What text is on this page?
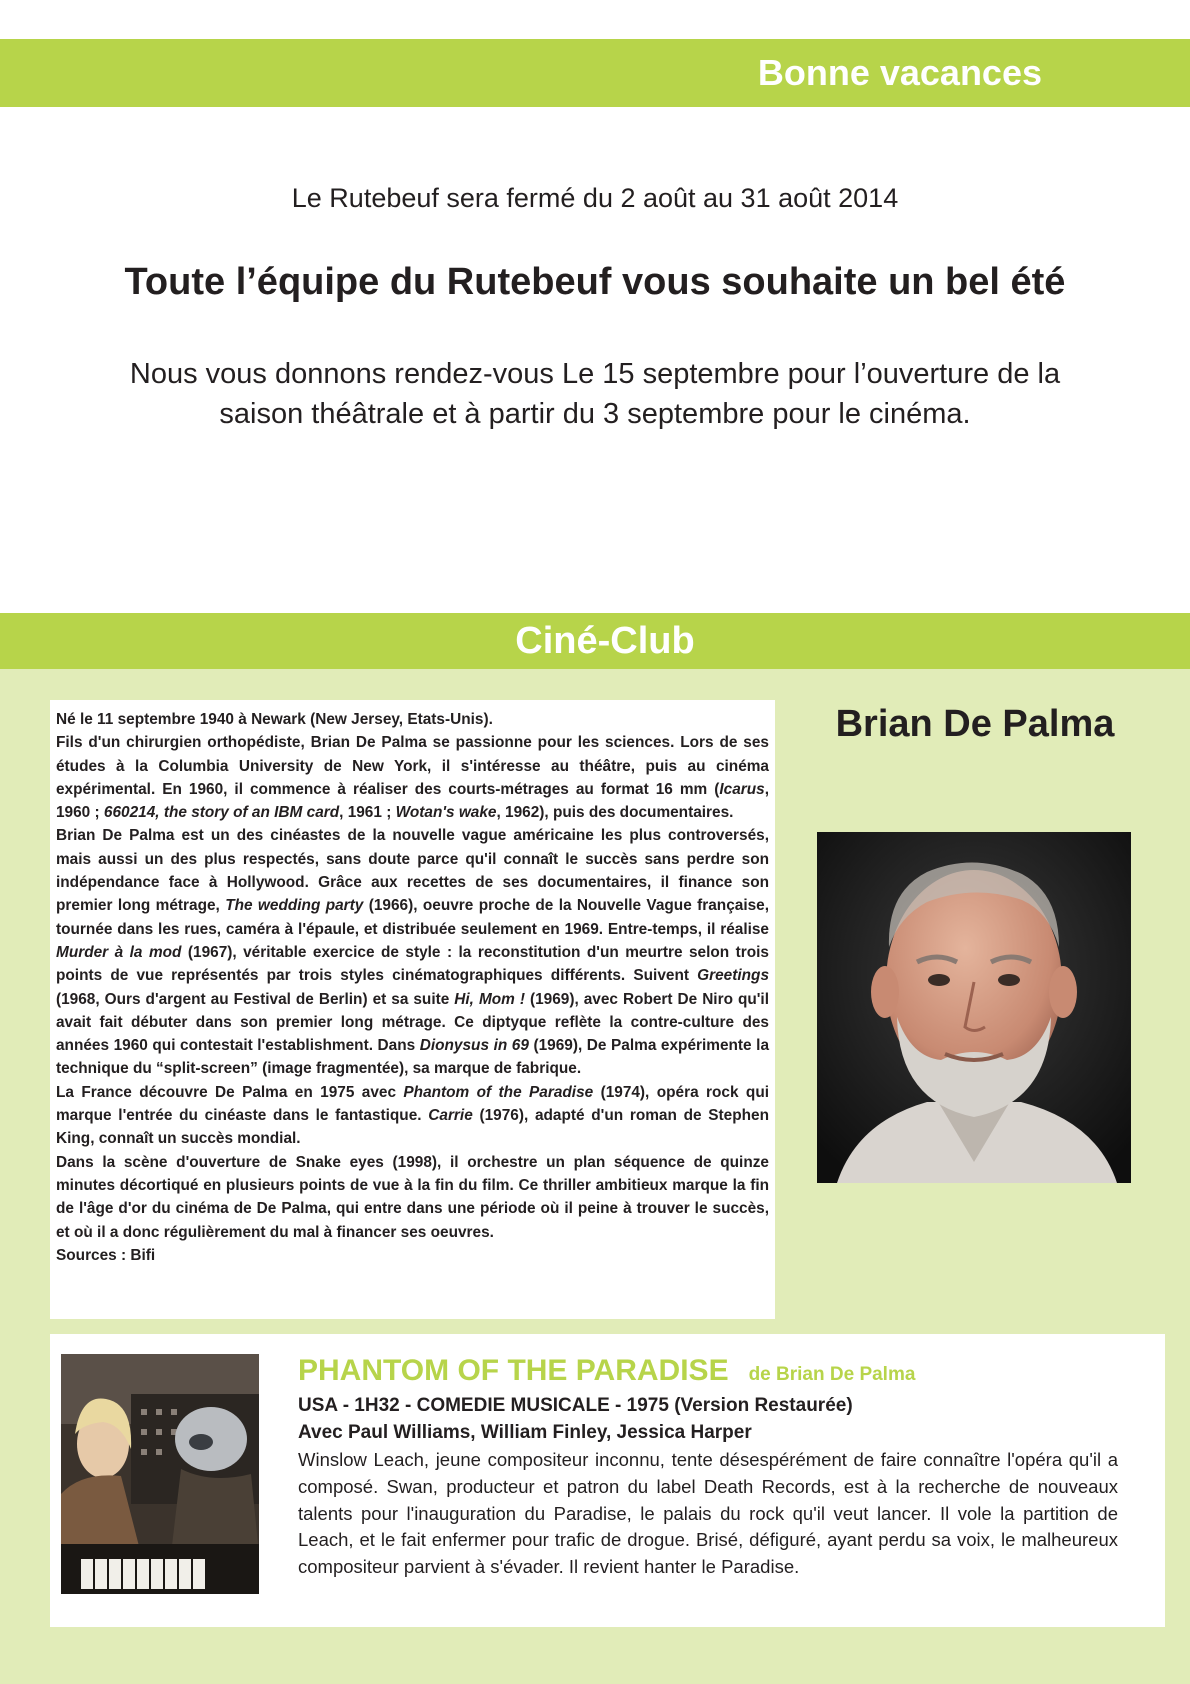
Bonne vacances
Le Rutebeuf sera fermé du 2 août au 31 août 2014
Toute l’équipe du Rutebeuf vous souhaite un bel été
Nous vous donnons rendez-vous Le 15 septembre pour l’ouverture de la
saison théâtrale et à partir du 3 septembre pour le cinéma.
Ciné-Club

Né le 11 septembre 1940 à Newark (New Jersey, Etats-Unis).

Fils d'un chirurgien orthopédiste, Brian De Palma se passionne pour les sciences. Lors de ses études à la Columbia University de New York, il s'intéresse au théâtre, puis au cinéma expérimental. En 1960, il commence à réaliser des courts-métrages au format 16 mm (Icarus, 1960 ; 660214, the story of an IBM card, 1961 ; Wotan's wake, 1962), puis des documentaires.

Brian De Palma est un des cinéastes de la nouvelle vague américaine les plus controversés, mais aussi un des plus respectés, sans doute parce qu'il connaît le succès sans perdre son indépendance face à Hollywood. Grâce aux recettes de ses documentaires, il finance son premier long métrage, The wedding party (1966), oeuvre proche de la Nouvelle Vague française, tournée dans les rues, caméra à l'épaule, et distribuée seulement en 1969. Entre-temps, il réalise Murder à la mod (1967), véritable exercice de style : la reconstitution d'un meurtre selon trois points de vue représentés par trois styles cinématographiques différents. Suivent Greetings (1968, Ours d'argent au Festival de Berlin) et sa suite Hi, Mom ! (1969), avec Robert De Niro qu'il avait fait débuter dans son premier long métrage. Ce diptyque reflète la contre-culture des années 1960 qui contestait l'establishment. Dans Dionysus in 69 (1969), De Palma expérimente la technique du “split-screen” (image fragmentée), sa marque de fabrique.

La France découvre De Palma en 1975 avec Phantom of the Paradise (1974), opéra rock qui marque l'entrée du cinéaste dans le fantastique. Carrie (1976), adapté d'un roman de Stephen King, connaît un succès mondial.

Dans la scène d'ouverture de Snake eyes (1998), il orchestre un plan séquence de quinze minutes décortiqué en plusieurs points de vue à la fin du film. Ce thriller ambitieux marque la fin de l'âge d'or du cinéma de De Palma, qui entre dans une période où il peine à trouver le succès, et où il a donc régulièrement du mal à financer ses oeuvres.

Sources : Bifi

Brian De Palma
PHANTOM OF THE PARADISE de Brian De Palma
USA - 1H32 - COMEDIE MUSICALE - 1975 (Version Restaurée)
Avec Paul Williams, William Finley, Jessica Harper

Winslow Leach, jeune compositeur inconnu, tente désespérément de faire connaître l'opéra qu'il a composé. Swan, producteur et patron du label Death Records, est à la recherche de nouveaux talents pour l'inauguration du Paradise, le palais du rock qu'il veut lancer. Il vole la partition de Leach, et le fait enfermer pour trafic de drogue. Brisé, défiguré, ayant perdu sa voix, le malheureux compositeur parvient à s'évader. Il revient hanter le Paradise.
